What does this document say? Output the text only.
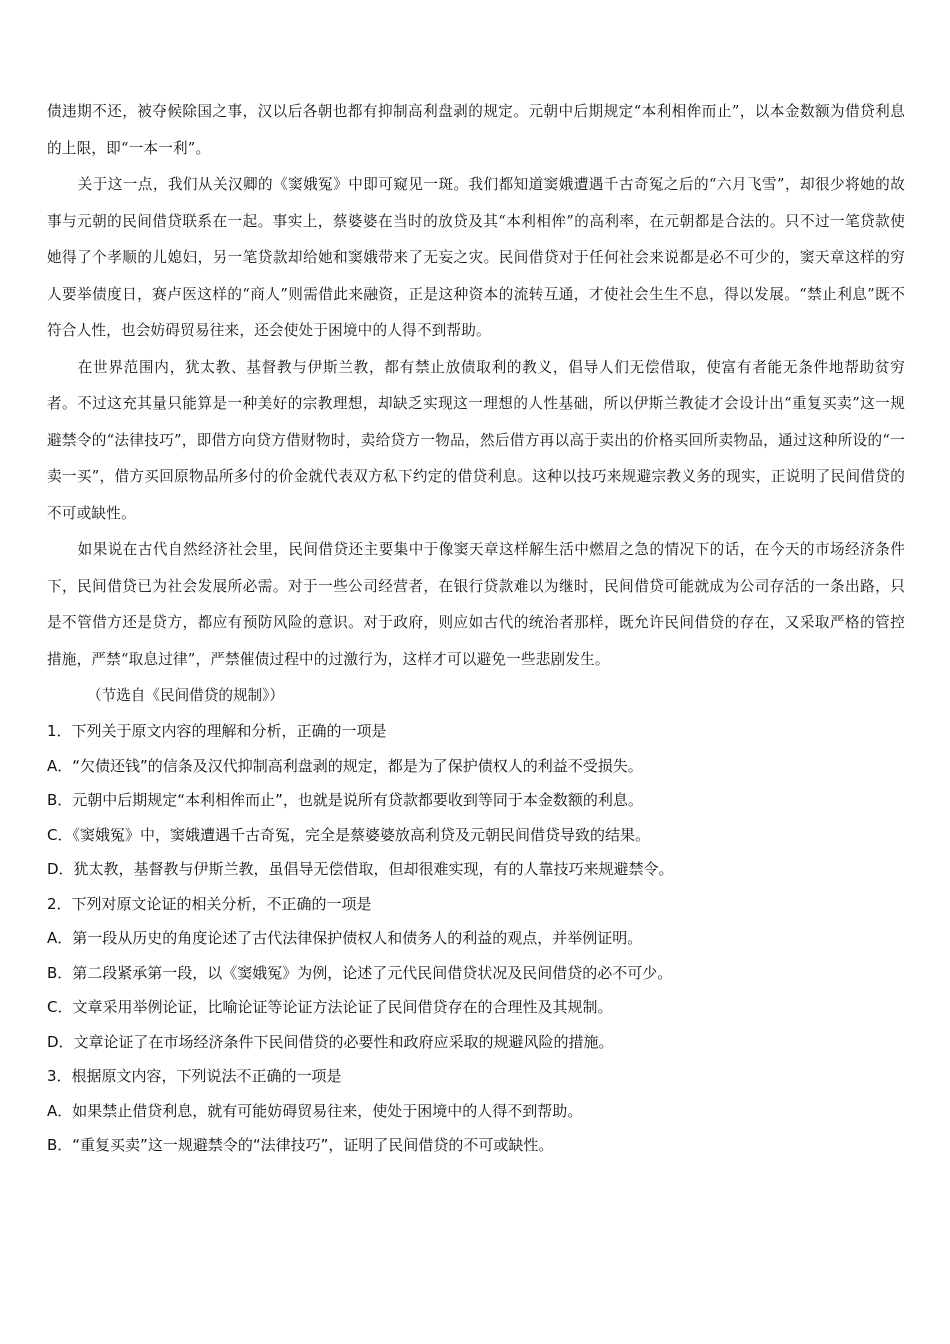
债违期不还，被夺候除国之事，汉以后各朝也都有抑制高利盘剥的规定。元朝中后期规定“本利相侔而止”，以本金数额为借贷利息的上限，即“一本一利”。

关于这一点，我们从关汉卿的《窦娥冤》中即可窥见一斑。我们都知道窦娥遭遇千古奇冤之后的“六月飞雪”，却很少将她的故事与元朝的民间借贷联系在一起。事实上，蔡婆婆在当时的放贷及其“本利相侔”的高利率，在元朝都是合法的。只不过一笔贷款使她得了个孝顺的儿媳妇，另一笔贷款却给她和窦娥带来了无妄之灾。民间借贷对于任何社会来说都是必不可少的，窦天章这样的穷人要举债度日，赛卢医这样的“商人”则需借此来融资，正是这种资本的流转互通，才使社会生生不息，得以发展。“禁止利息”既不符合人性，也会妨碍贸易往来，还会使处于困境中的人得不到帮助。

在世界范围内，犹太教、基督教与伊斯兰教，都有禁止放债取利的教义，倡导人们无偿借取，使富有者能无条件地帮助贫穷者。不过这充其量只能算是一种美好的宗教理想，却缺乏实现这一理想的人性基础，所以伊斯兰教徒才会设计出“重复买卖”这一规避禁令的“法律技巧”，即借方向贷方借财物时，卖给贷方一物品，然后借方再以高于卖出的价格买回所卖物品，通过这种所设的“一卖一买”，借方买回原物品所多付的价金就代表双方私下约定的借贷利息。这种以技巧来规避宗教义务的现实，正说明了民间借贷的不可或缺性。

如果说在古代自然经济社会里，民间借贷还主要集中于像窦天章这样解生活中燃眉之急的情况下的话，在今天的市场经济条件下，民间借贷已为社会发展所必需。对于一些公司经营者，在银行贷款难以为继时，民间借贷可能就成为公司存活的一条出路，只是不管借方还是贷方，都应有预防风险的意识。对于政府，则应如古代的统治者那样，既允许民间借贷的存在，又采取严格的管控措施，严禁“取息过律”，严禁催债过程中的过激行为，这样才可以避免一些悲剧发生。

（节选自《民间借贷的规制》）

1．下列关于原文内容的理解和分析，正确的一项是

A．“欠债还钱”的信条及汉代抑制高利盘剥的规定，都是为了保护债权人的利益不受损失。

B．元朝中后期规定“本利相侔而止”，也就是说所有贷款都要收到等同于本金数额的利息。

C．《窦娥冤》中，窦娥遭遇千古奇冤，完全是蔡婆婆放高利贷及元朝民间借贷导致的结果。

D．犹太教，基督教与伊斯兰教，虽倡导无偿借取，但却很难实现，有的人靠技巧来规避禁令。

2．下列对原文论证的相关分析，不正确的一项是

A．第一段从历史的角度论述了古代法律保护债权人和债务人的利益的观点，并举例证明。

B．第二段紧承第一段，以《窦娥冤》为例，论述了元代民间借贷状况及民间借贷的必不可少。

C．文章采用举例论证，比喻论证等论证方法论证了民间借贷存在的合理性及其规制。

D．文章论证了在市场经济条件下民间借贷的必要性和政府应采取的规避风险的措施。

3．根据原文内容，下列说法不正确的一项是

A．如果禁止借贷利息，就有可能妨碍贸易往来，使处于困境中的人得不到帮助。

B．“重复买卖”这一规避禁令的“法律技巧”，证明了民间借贷的不可或缺性。
